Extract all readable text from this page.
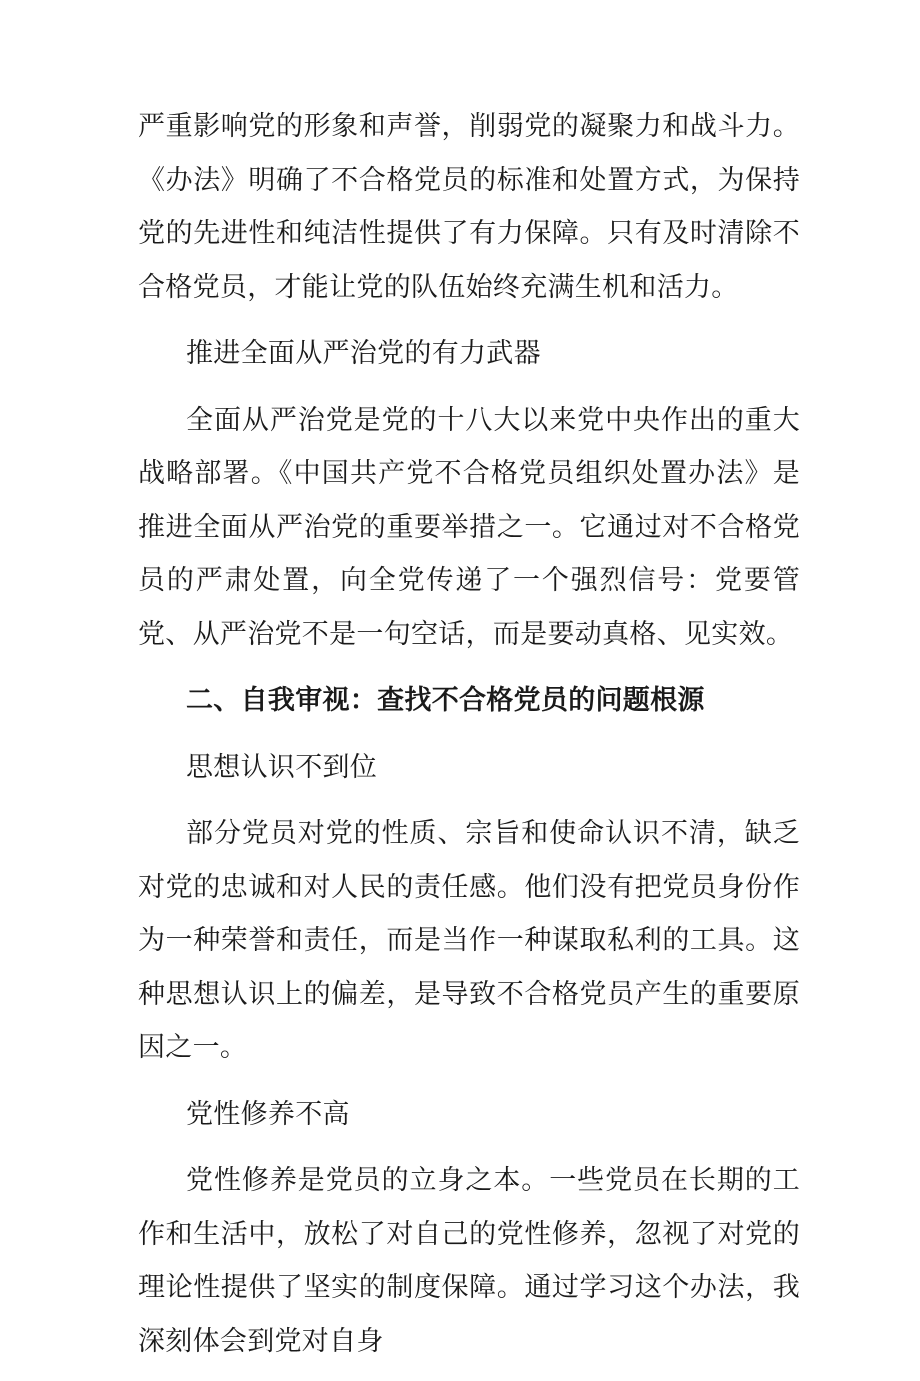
严重影响党的形象和声誉，削弱党的凝聚力和战斗力。《办法》明确了不合格党员的标准和处置方式，为保持党的先进性和纯洁性提供了有力保障。只有及时清除不合格党员，才能让党的队伍始终充满生机和活力。

推进全面从严治党的有力武器

全面从严治党是党的十八大以来党中央作出的重大战略部署。《中国共产党不合格党员组织处置办法》是推进全面从严治党的重要举措之一。它通过对不合格党员的严肃处置，向全党传递了一个强烈信号：党要管党、从严治党不是一句空话，而是要动真格、见实效。

二、自我审视：查找不合格党员的问题根源

思想认识不到位

部分党员对党的性质、宗旨和使命认识不清，缺乏对党的忠诚和对人民的责任感。他们没有把党员身份作为一种荣誉和责任，而是当作一种谋取私利的工具。这种思想认识上的偏差，是导致不合格党员产生的重要原因之一。

党性修养不高

党性修养是党员的立身之本。一些党员在长期的工作和生活中，放松了对自己的党性修养，忽视了对党的理论性提供了坚实的制度保障。通过学习这个办法，我深刻体会到党对自身
